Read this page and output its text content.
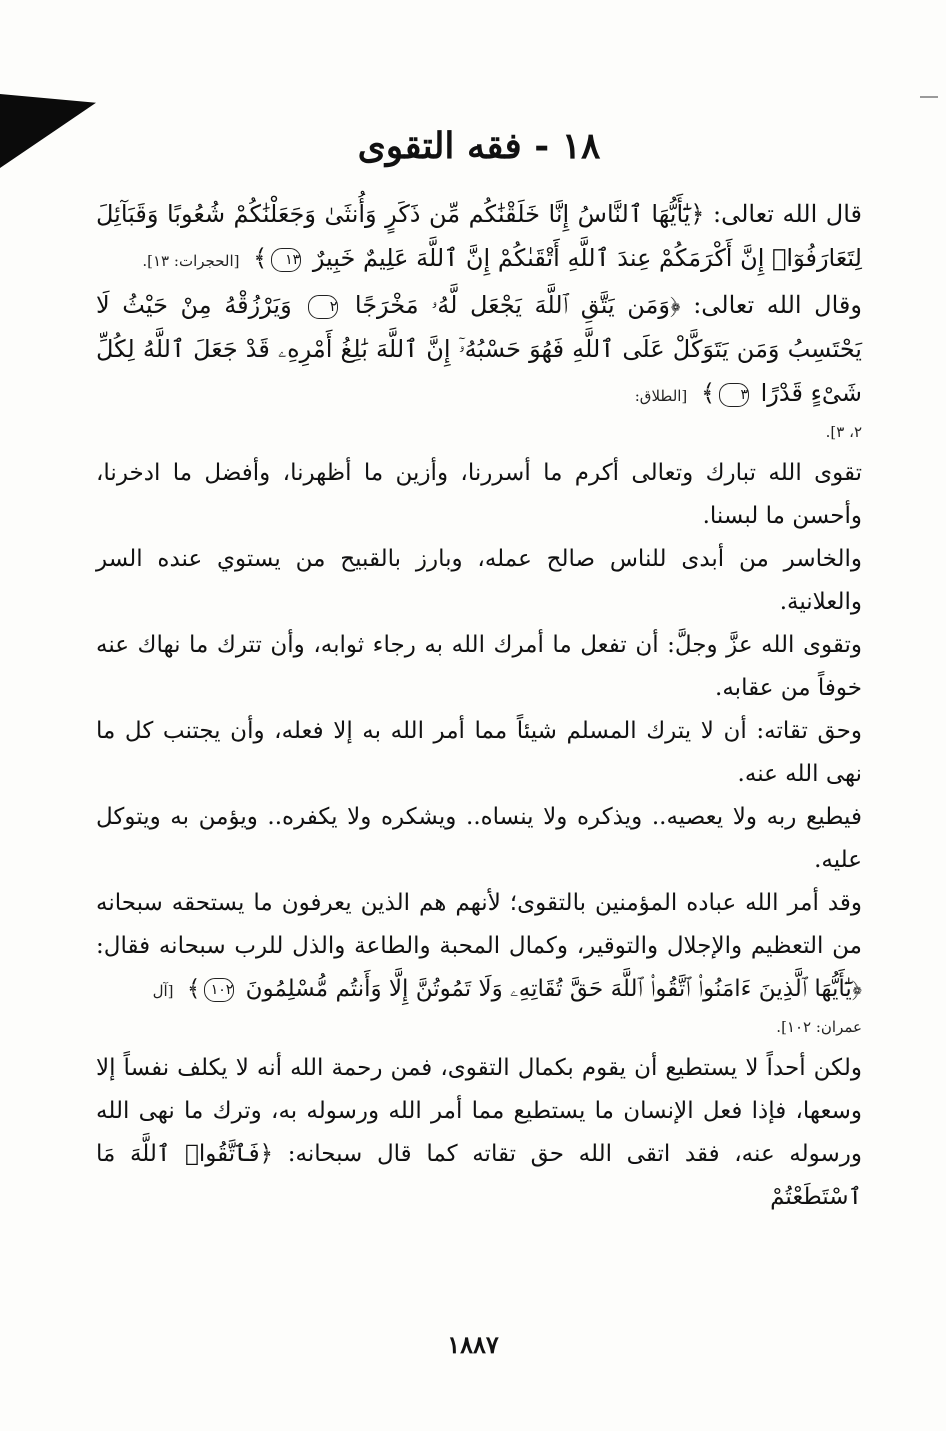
١٨ - فقه التقوى

قال الله تعالى: ﴿يَٰٓأَيُّهَا ٱلنَّاسُ إِنَّا خَلَقْنَٰكُم مِّن ذَكَرٍ وَأُنثَىٰ وَجَعَلْنَٰكُمْ شُعُوبًا وَقَبَآئِلَ لِتَعَارَفُوٓا۟ إِنَّ أَكْرَمَكُمْ عِندَ ٱللَّهِ أَتْقَىٰكُمْ إِنَّ ٱللَّهَ عَلِيمٌ خَبِيرٌ ١٣﴾ [الحجرات: ١٣].

وقال الله تعالى: ﴿وَمَن يَتَّقِ ٱللَّهَ يَجْعَل لَّهُۥ مَخْرَجًا ٢ وَيَرْزُقْهُ مِنْ حَيْثُ لَا يَحْتَسِبُ وَمَن يَتَوَكَّلْ عَلَى ٱللَّهِ فَهُوَ حَسْبُهُۥٓ إِنَّ ٱللَّهَ بَٰلِغُ أَمْرِهِۦ قَدْ جَعَلَ ٱللَّهُ لِكُلِّ شَىْءٍ قَدْرًا ٣﴾ [الطلاق:

٢، ٣].

تقوى الله تبارك وتعالى أكرم ما أسررنا، وأزين ما أظهرنا، وأفضل ما ادخرنا، وأحسن ما لبسنا.

والخاسر من أبدى للناس صالح عمله، وبارز بالقبيح من يستوي عنده السر والعلانية.

وتقوى الله عزَّ وجلَّ: أن تفعل ما أمرك الله به رجاء ثوابه، وأن تترك ما نهاك عنه خوفاً من عقابه.

وحق تقاته: أن لا يترك المسلم شيئاً مما أمر الله به إلا فعله، وأن يجتنب كل ما نهى الله عنه.

فيطيع ربه ولا يعصيه.. ويذكره ولا ينساه.. ويشكره ولا يكفره.. ويؤمن به ويتوكل عليه.

وقد أمر الله عباده المؤمنين بالتقوى؛ لأنهم هم الذين يعرفون ما يستحقه سبحانه من التعظيم والإجلال والتوقير، وكمال المحبة والطاعة والذل للرب سبحانه فقال: ﴿يَٰٓأَيُّهَا ٱلَّذِينَ ءَامَنُوا۟ ٱتَّقُوا۟ ٱللَّهَ حَقَّ تُقَاتِهِۦ وَلَا تَمُوتُنَّ إِلَّا وَأَنتُم مُّسْلِمُونَ ١٠٢﴾ [آل

عمران: ١٠٢].

ولكن أحداً لا يستطيع أن يقوم بكمال التقوى، فمن رحمة الله أنه لا يكلف نفساً إلا وسعها، فإذا فعل الإنسان ما يستطيع مما أمر الله ورسوله به، وترك ما نهى الله ورسوله عنه، فقد اتقى الله حق تقاته كما قال سبحانه: ﴿فَٱتَّقُوا۟ ٱللَّهَ مَا ٱسْتَطَعْتُمْ

١٨٨٧
